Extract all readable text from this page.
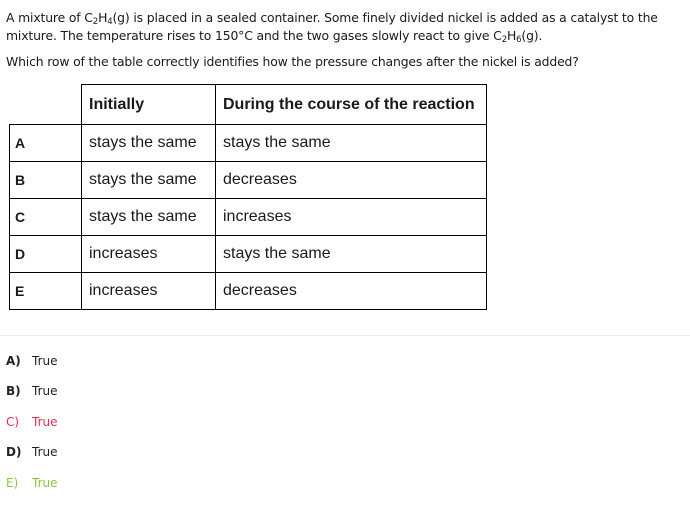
A mixture of $C_2H_4(g)$ is placed in a sealed container. Some finely divided nickel is added as a catalyst to the mixture. The temperature rises to 150°C and the two gases slowly react to give $C_2H_6(g)$.

Which row of the table correctly identifies how the pressure changes after the nickel is added?

	Initially	During the course of the reaction
A	stays the same	stays the same
B	stays the same	decreases
C	stays the same	increases
D	increases	stays the same
E	increases	decreases
A) True
B) True
C)	True
D) True
E)	True
